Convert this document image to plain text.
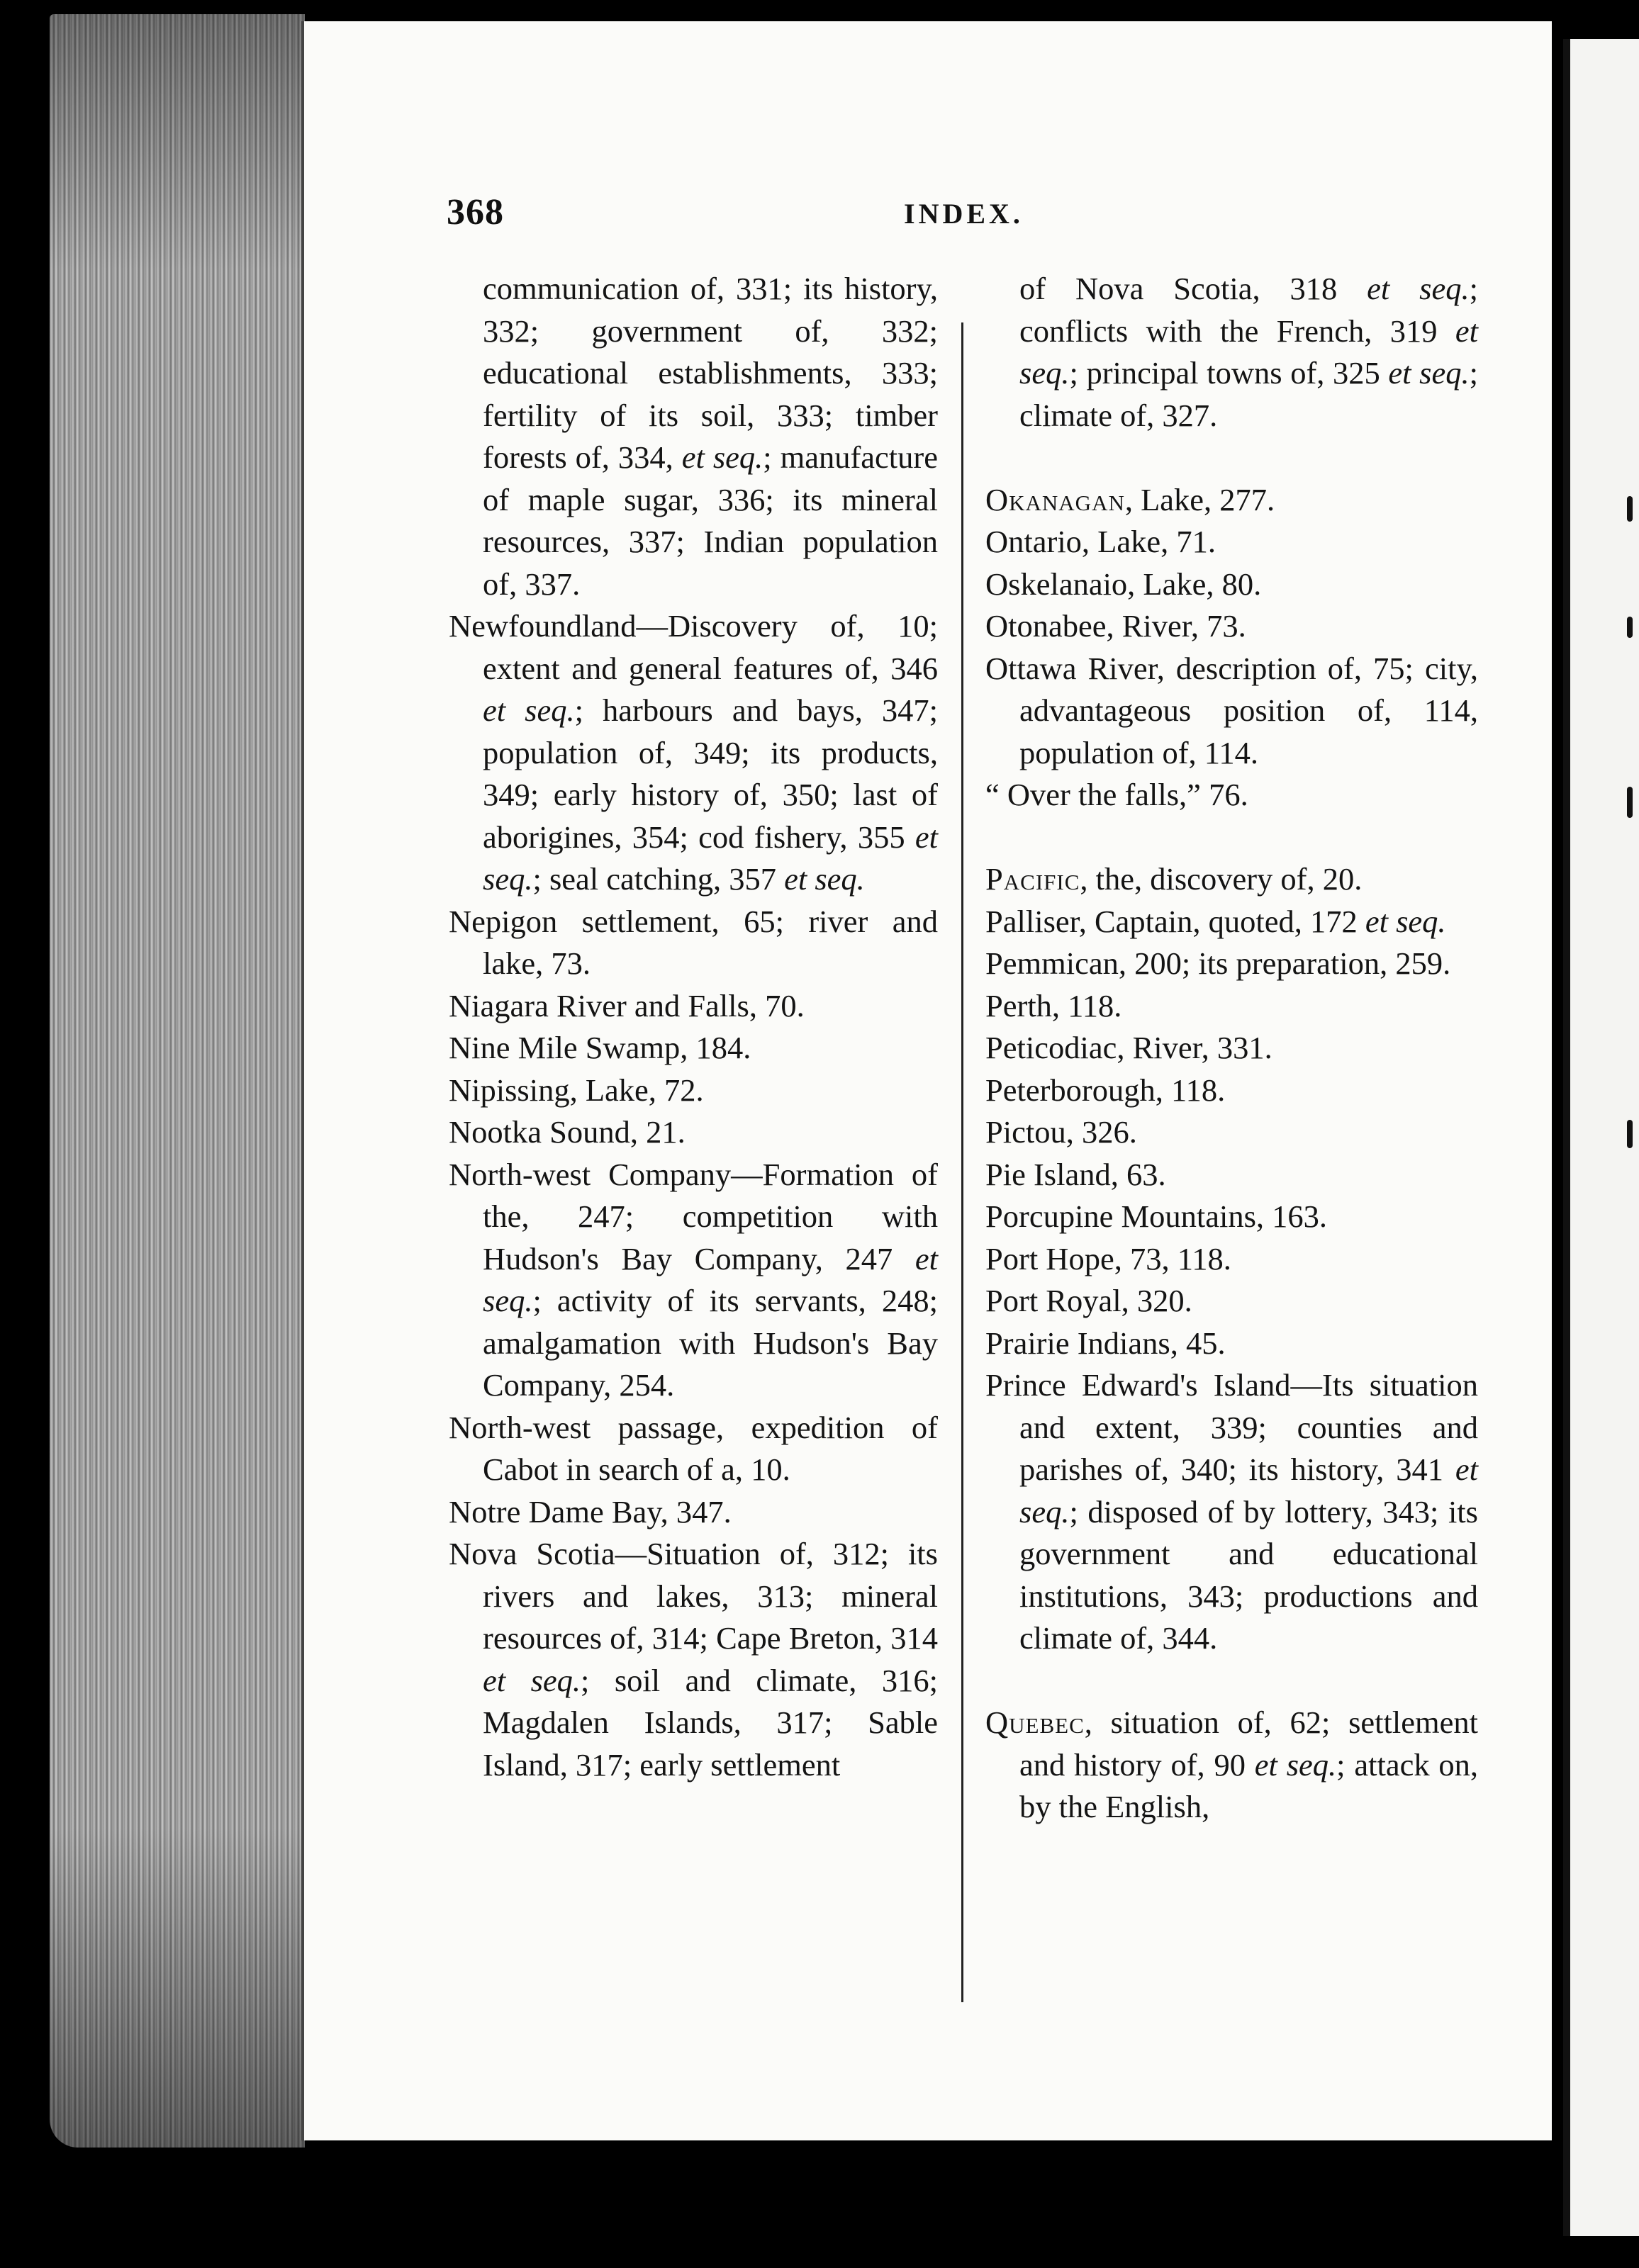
368	INDEX.
communication of, 331; its history, 332; government of, 332; educational establishments, 333; fertility of its soil, 333; timber forests of, 334, et seq.; manufacture of maple sugar, 336; its mineral resources, 337; Indian population of, 337.
Newfoundland—Discovery of, 10; extent and general features of, 346 et seq.; harbours and bays, 347; population of, 349; its products, 349; early history of, 350; last of aborigines, 354; cod fishery, 355 et seq.; seal catching, 357 et seq.
Nepigon settlement, 65; river and lake, 73.
Niagara River and Falls, 70.
Nine Mile Swamp, 184.
Nipissing, Lake, 72.
Nootka Sound, 21.
North-west Company—Formation of the, 247; competition with Hudson's Bay Company, 247 et seq.; activity of its servants, 248; amalgamation with Hudson's Bay Company, 254.
North-west passage, expedition of Cabot in search of a, 10.
Notre Dame Bay, 347.
Nova Scotia—Situation of, 312; its rivers and lakes, 313; mineral resources of, 314; Cape Breton, 314 et seq.; soil and climate, 316; Magdalen Islands, 317; Sable Island, 317; early settlement
of Nova Scotia, 318 et seq.; conflicts with the French, 319 et seq.; principal towns of, 325 et seq.; climate of, 327.
Okanagan, Lake, 277.
Ontario, Lake, 71.
Oskelanaio, Lake, 80.
Otonabee, River, 73.
Ottawa River, description of, 75; city, advantageous position of, 114, population of, 114.
“ Over the falls,” 76.
Pacific, the, discovery of, 20.
Palliser, Captain, quoted, 172 et seq.
Pemmican, 200; its preparation, 259.
Perth, 118.
Peticodiac, River, 331.
Peterborough, 118.
Pictou, 326.
Pie Island, 63.
Porcupine Mountains, 163.
Port Hope, 73, 118.
Port Royal, 320.
Prairie Indians, 45.
Prince Edward's Island—Its situation and extent, 339; counties and parishes of, 340; its history, 341 et seq.; disposed of by lottery, 343; its government and educational institutions, 343; productions and climate of, 344.
Quebec, situation of, 62; settlement and history of, 90 et seq.; attack on, by the English,
